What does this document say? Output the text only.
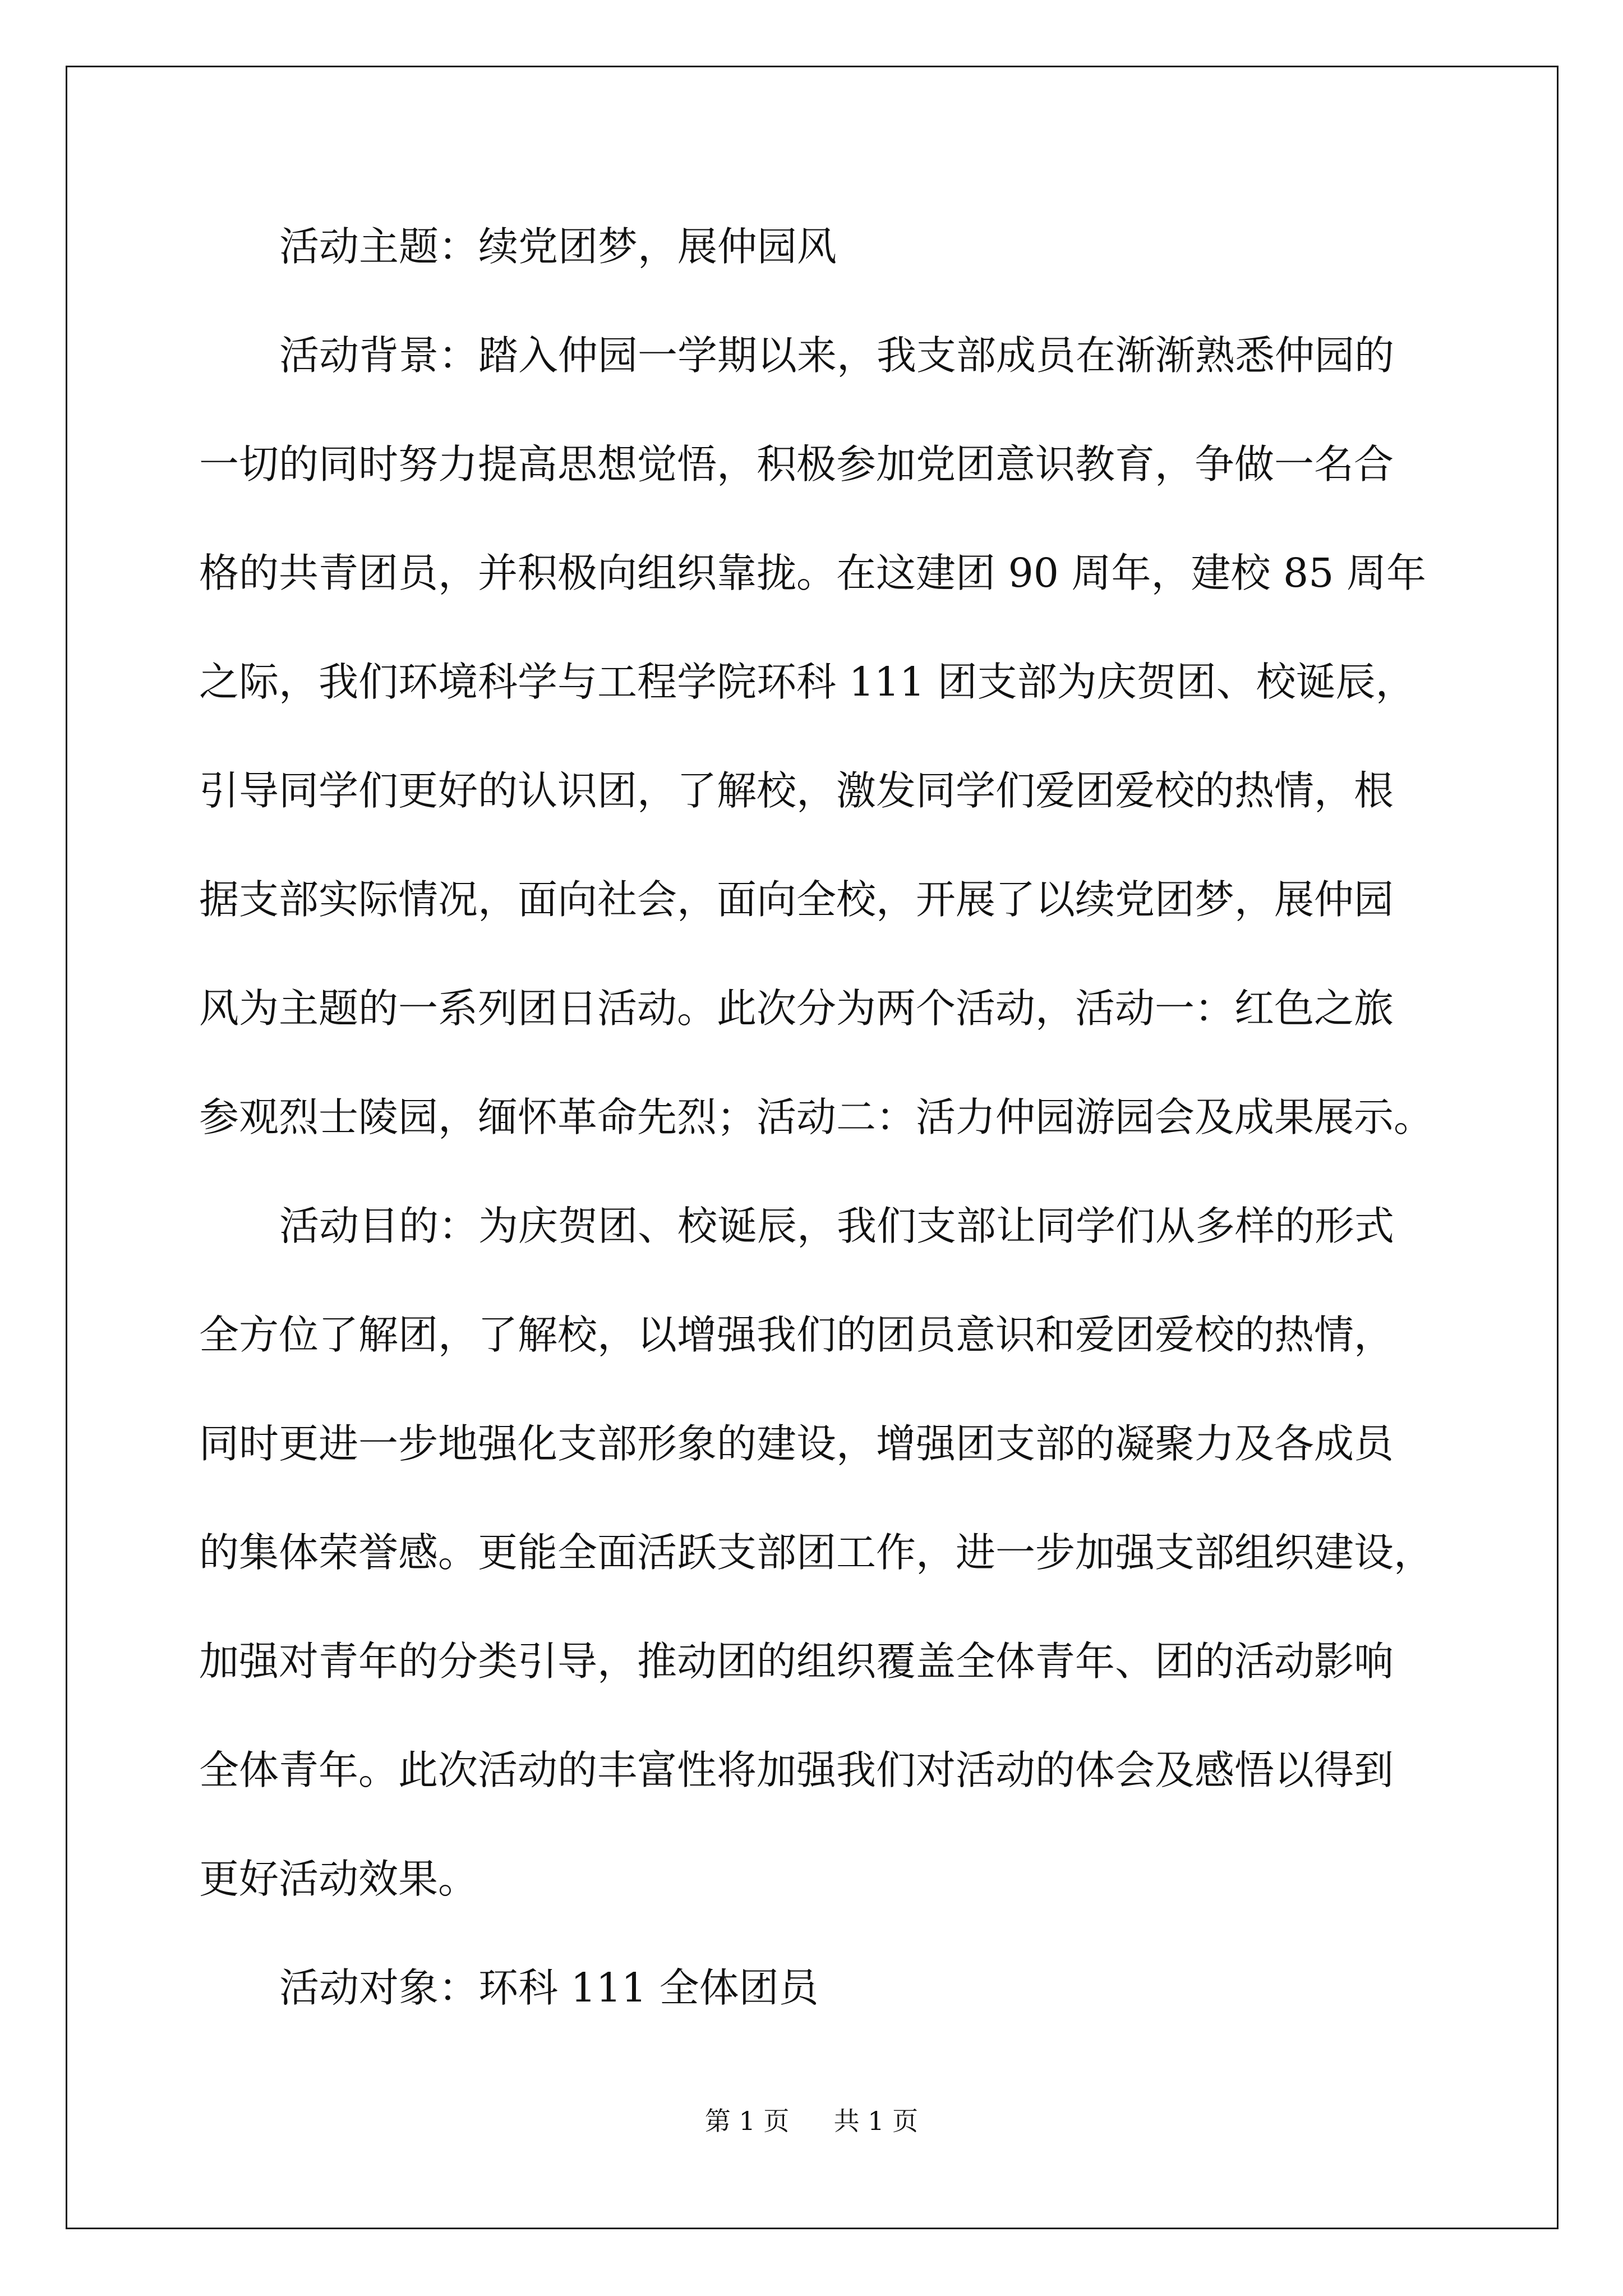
活动主题：续党团梦，展仲园风
活动背景：踏入仲园一学期以来，我支部成员在渐渐熟悉仲园的
一切的同时努力提高思想觉悟，积极参加党团意识教育，争做一名合
格的共青团员，并积极向组织靠拢。在这建团 90 周年，建校 85 周年
之际，我们环境科学与工程学院环科 111 团支部为庆贺团、校诞辰，
引导同学们更好的认识团，了解校，激发同学们爱团爱校的热情，根
据支部实际情况，面向社会，面向全校，开展了以续党团梦，展仲园
风为主题的一系列团日活动。此次分为两个活动，活动一：红色之旅
参观烈士陵园，缅怀革命先烈；活动二：活力仲园游园会及成果展示。
活动目的：为庆贺团、校诞辰，我们支部让同学们从多样的形式
全方位了解团，了解校，以增强我们的团员意识和爱团爱校的热情，
同时更进一步地强化支部形象的建设，增强团支部的凝聚力及各成员
的集体荣誉感。更能全面活跃支部团工作，进一步加强支部组织建设，
加强对青年的分类引导，推动团的组织覆盖全体青年、团的活动影响
全体青年。此次活动的丰富性将加强我们对活动的体会及感悟以得到
更好活动效果。
活动对象：环科 111 全体团员
第 1 页 共 1 页
